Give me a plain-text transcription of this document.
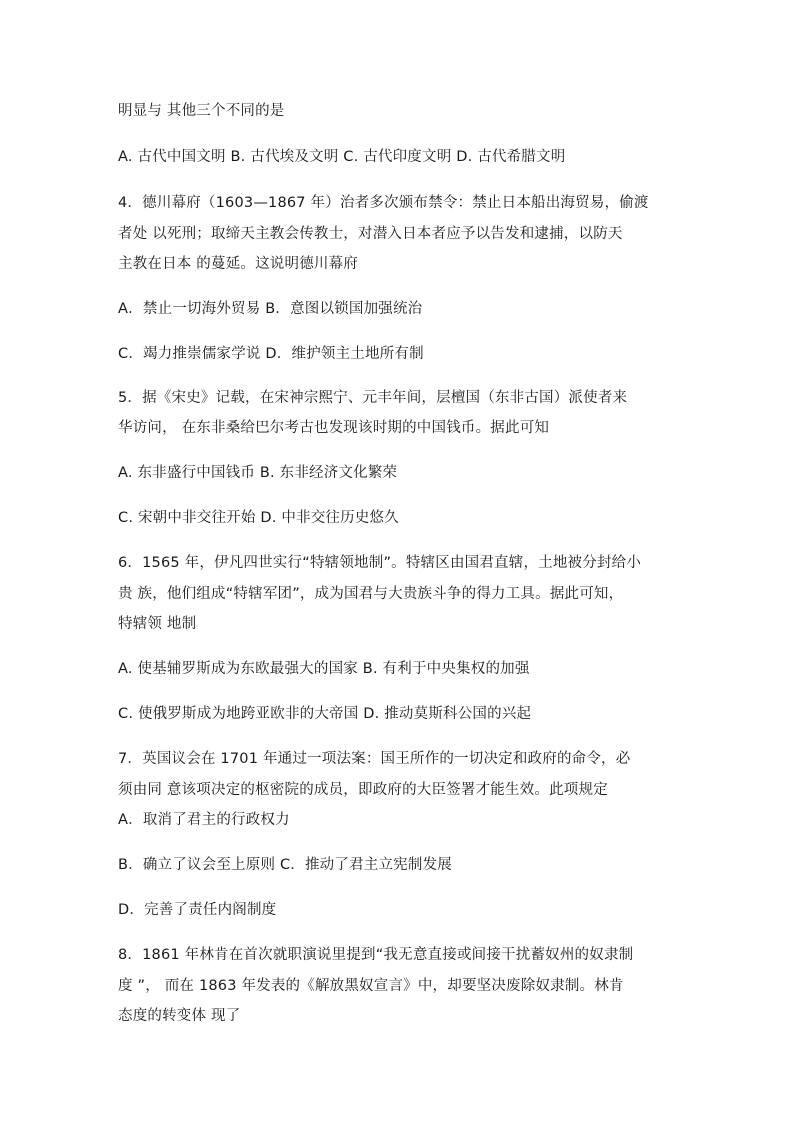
明显与 其他三个不同的是
A. 古代中国文明 B. 古代埃及文明 C. 古代印度文明 D. 古代希腊文明
4．德川幕府（1603—1867 年）治者多次颁布禁令：禁止日本船出海贸易，偷渡
者处 以死刑；取缔天主教会传教士，对潜入日本者应予以告发和逮捕，以防天
主教在日本 的蔓延。这说明德川幕府
A．禁止一切海外贸易 B．意图以锁国加强统治
C．竭力推崇儒家学说 D．维护领主土地所有制
5．据《宋史》记载，在宋神宗熙宁、元丰年间，层檀国（东非古国）派使者来
华访问， 在东非桑给巴尔考古也发现该时期的中国钱币。据此可知
A. 东非盛行中国钱币 B. 东非经济文化繁荣
C. 宋朝中非交往开始 D. 中非交往历史悠久
6．1565 年，伊凡四世实行“特辖领地制”。特辖区由国君直辖，土地被分封给小
贵 族，他们组成“特辖军团”，成为国君与大贵族斗争的得力工具。据此可知，
特辖领 地制
A. 使基辅罗斯成为东欧最强大的国家 B. 有利于中央集权的加强
C. 使俄罗斯成为地跨亚欧非的大帝国 D. 推动莫斯科公国的兴起
7．英国议会在 1701 年通过一项法案：国王所作的一切决定和政府的命令，必
须由同 意该项决定的枢密院的成员，即政府的大臣签署才能生效。此项规定
A．取消了君主的行政权力
B．确立了议会至上原则 C．推动了君主立宪制发展
D．完善了责任内阁制度
8．1861 年林肯在首次就职演说里提到“我无意直接或间接干扰蓄奴州的奴隶制
度 ”， 而在 1863 年发表的《解放黑奴宣言》中，却要坚决废除奴隶制。林肯
态度的转变体 现了
